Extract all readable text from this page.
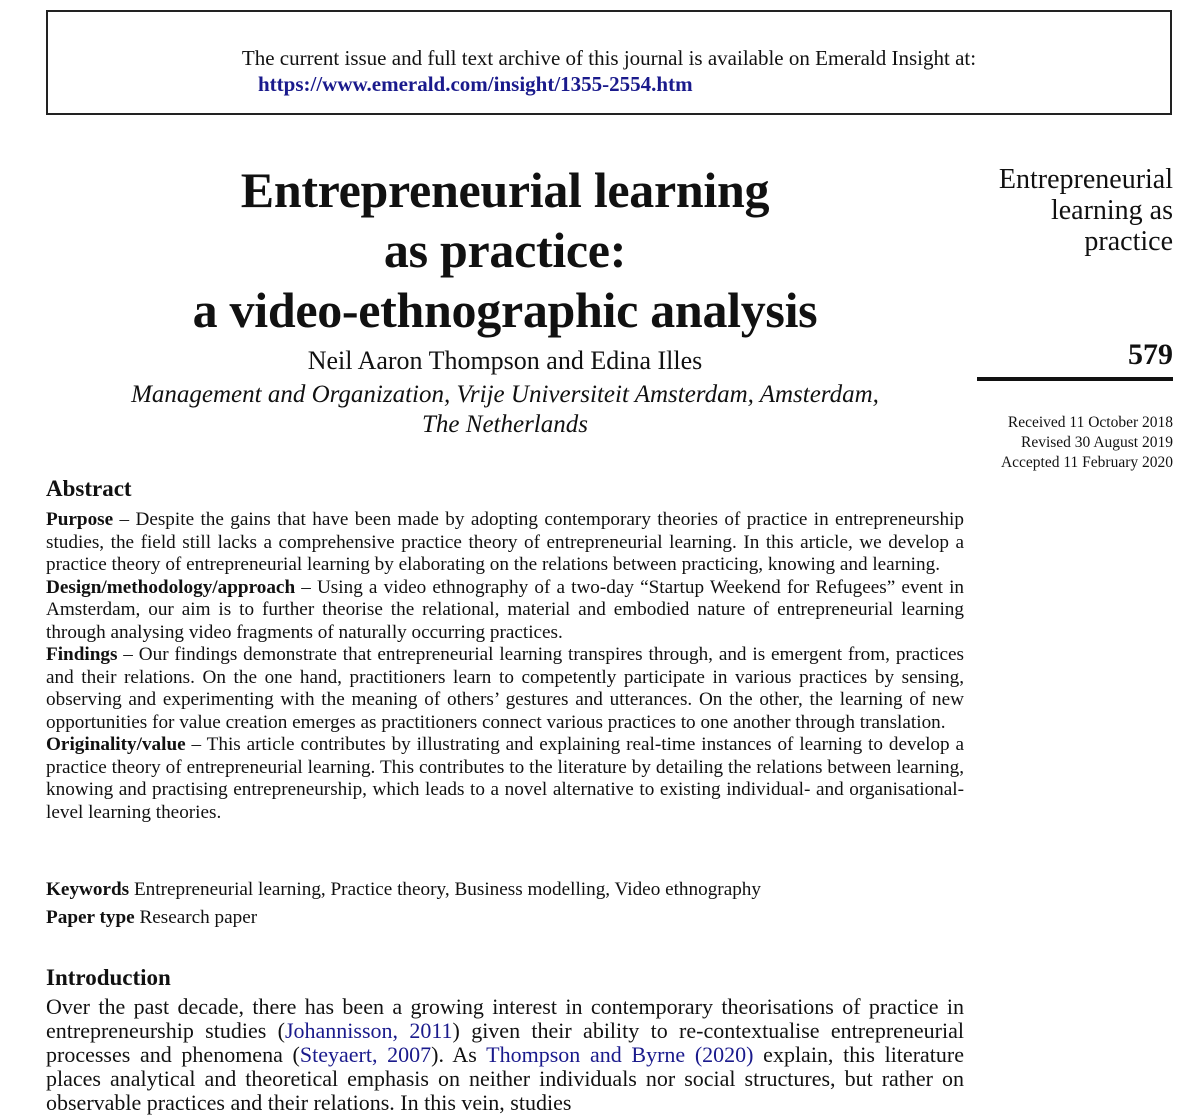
The current issue and full text archive of this journal is available on Emerald Insight at:
https://www.emerald.com/insight/1355-2554.htm
Entrepreneurial learning
as practice:
a video-ethnographic analysis
Neil Aaron Thompson and Edina Illes
Management and Organization, Vrije Universiteit Amsterdam, Amsterdam,
The Netherlands
Entrepreneurial
learning as
practice
579
Received 11 October 2018
Revised 30 August 2019
Accepted 11 February 2020
Abstract

Purpose – Despite the gains that have been made by adopting contemporary theories of practice in entrepreneurship studies, the field still lacks a comprehensive practice theory of entrepreneurial learning. In this article, we develop a practice theory of entrepreneurial learning by elaborating on the relations between practicing, knowing and learning.

Design/methodology/approach – Using a video ethnography of a two-day “Startup Weekend for Refugees” event in Amsterdam, our aim is to further theorise the relational, material and embodied nature of entrepreneurial learning through analysing video fragments of naturally occurring practices.

Findings – Our findings demonstrate that entrepreneurial learning transpires through, and is emergent from, practices and their relations. On the one hand, practitioners learn to competently participate in various practices by sensing, observing and experimenting with the meaning of others’ gestures and utterances. On the other, the learning of new opportunities for value creation emerges as practitioners connect various practices to one another through translation.

Originality/value – This article contributes by illustrating and explaining real-time instances of learning to develop a practice theory of entrepreneurial learning. This contributes to the literature by detailing the relations between learning, knowing and practising entrepreneurship, which leads to a novel alternative to existing individual- and organisational-level learning theories.

Keywords Entrepreneurial learning, Practice theory, Business modelling, Video ethnography
Paper type Research paper
Introduction

Over the past decade, there has been a growing interest in contemporary theorisations of practice in entrepreneurship studies (Johannisson, 2011) given their ability to re-contextualise entrepreneurial processes and phenomena (Steyaert, 2007). As Thompson and Byrne (2020) explain, this literature places analytical and theoretical emphasis on neither individuals nor social structures, but rather on observable practices and their relations. In this vein, studies
